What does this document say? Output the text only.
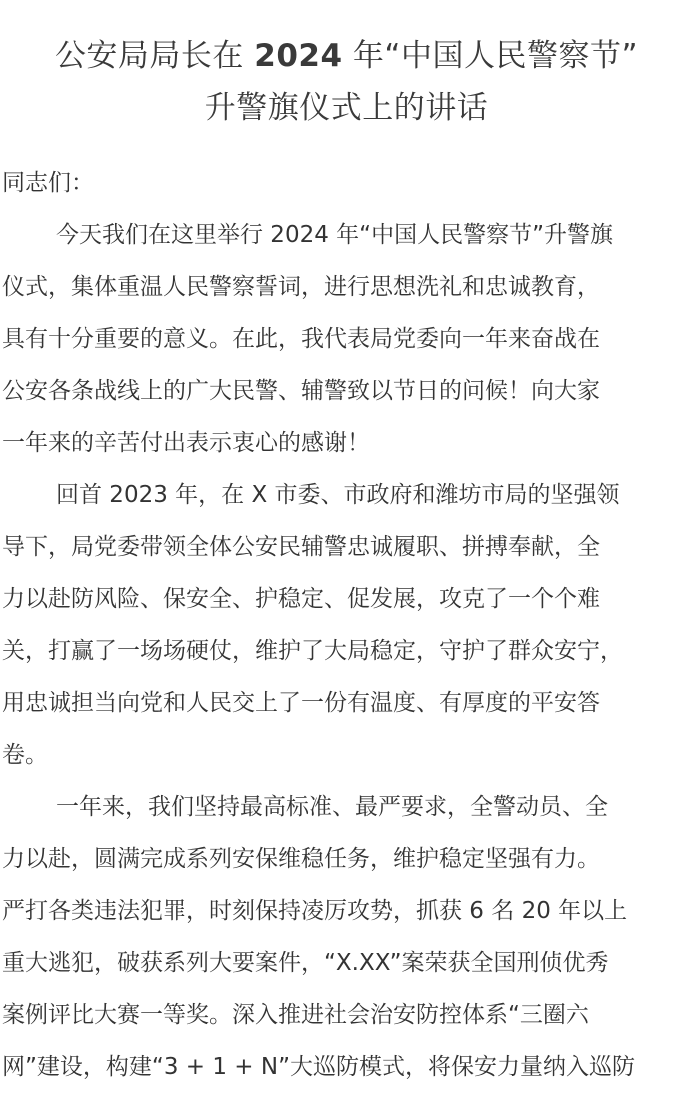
公安局局长在 2024 年“中国人民警察节”
升警旗仪式上的讲话

同志们：

今天我们在这里举行 2024 年“中国人民警察节”升警旗
仪式，集体重温人民警察誓词，进行思想洗礼和忠诚教育，
具有十分重要的意义。在此，我代表局党委向一年来奋战在
公安各条战线上的广大民警、辅警致以节日的问候！向大家
一年来的辛苦付出表示衷心的感谢！

回首 2023 年，在 X 市委、市政府和潍坊市局的坚强领
导下，局党委带领全体公安民辅警忠诚履职、拼搏奉献，全
力以赴防风险、保安全、护稳定、促发展，攻克了一个个难
关，打赢了一场场硬仗，维护了大局稳定，守护了群众安宁，
用忠诚担当向党和人民交上了一份有温度、有厚度的平安答
卷。

一年来，我们坚持最高标准、最严要求，全警动员、全
力以赴，圆满完成系列安保维稳任务，维护稳定坚强有力。
严打各类违法犯罪，时刻保持凌厉攻势，抓获 6 名 20 年以上
重大逃犯，破获系列大要案件，“X.XX”案荣获全国刑侦优秀
案例评比大赛一等奖。深入推进社会治安防控体系“三圈六
网”建设，构建“3 + 1 + N”大巡防模式，将保安力量纳入巡防
